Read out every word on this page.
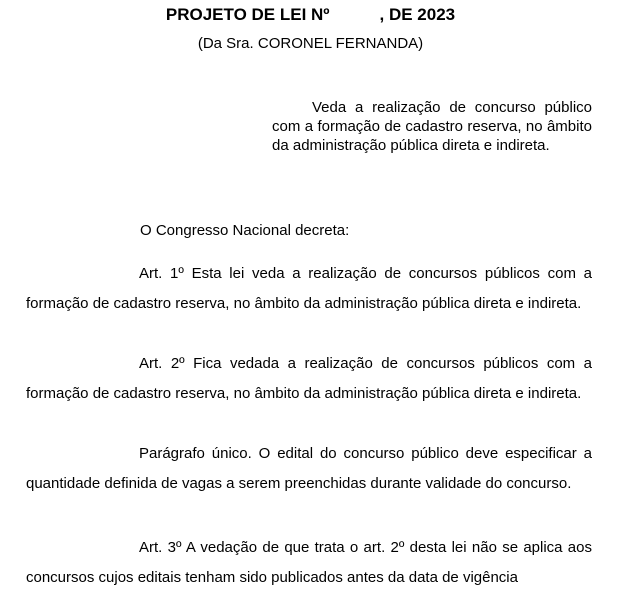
PROJETO DE LEI Nº	, DE 2023
(Da Sra. CORONEL FERNANDA)
Veda a realização de concurso público com a formação de cadastro reserva, no âmbito da administração pública direta e indireta.
O Congresso Nacional decreta:
Art. 1º Esta lei veda a realização de concursos públicos com a formação de cadastro reserva, no âmbito da administração pública direta e indireta.
Art. 2º Fica vedada a realização de concursos públicos com a formação de cadastro reserva, no âmbito da administração pública direta e indireta.
Parágrafo único. O edital do concurso público deve especificar a quantidade definida de vagas a serem preenchidas durante validade do concurso.
Art. 3º A vedação de que trata o art. 2º desta lei não se aplica aos concursos cujos editais tenham sido publicados antes da data de vigência
